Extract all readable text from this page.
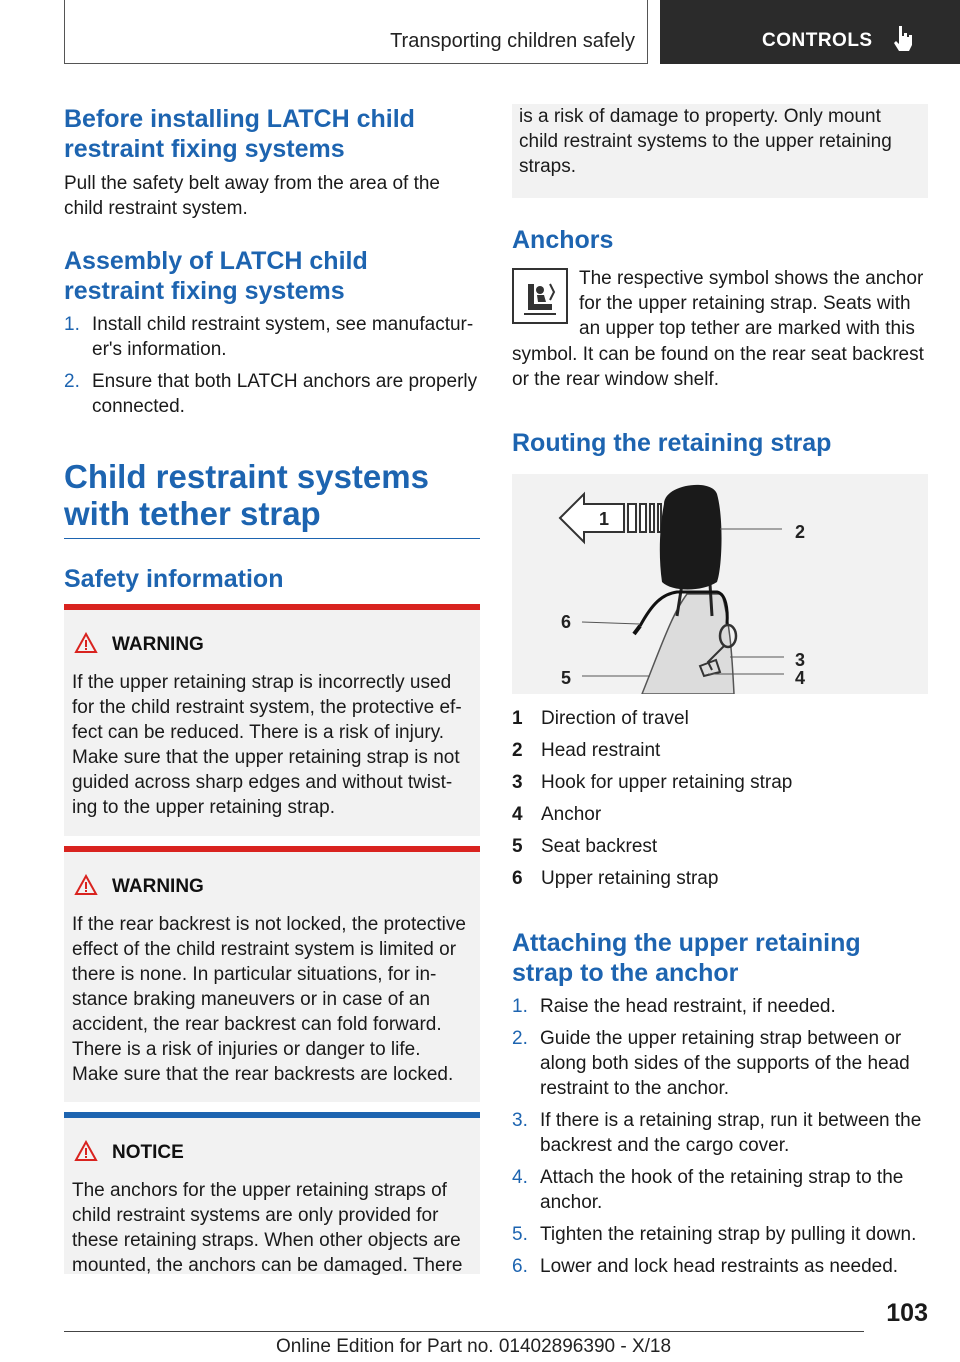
Transporting children safely	CONTROLS
Before installing LATCH child restraint fixing systems

Pull the safety belt away from the area of the child restraint system.

Assembly of LATCH child restraint fixing systems
1. Install child restraint system, see manufacturer's information.
2. Ensure that both LATCH anchors are properly connected.
Child restraint systems with tether strap
Safety information
WARNING
If the upper retaining strap is incorrectly used for the child restraint system, the protective effect can be reduced. There is a risk of injury. Make sure that the upper retaining strap is not guided across sharp edges and without twisting to the upper retaining strap.
WARNING
If the rear backrest is not locked, the protective effect of the child restraint system is limited or there is none. In particular situations, for instance braking maneuvers or in case of an accident, the rear backrest can fold forward. There is a risk of injuries or danger to life. Make sure that the rear backrests are locked.
NOTICE
The anchors for the upper retaining straps of child restraint systems are only provided for these retaining straps. When other objects are mounted, the anchors can be damaged. There
is a risk of damage to property. Only mount child restraint systems to the upper retaining straps.
Anchors

The respective symbol shows the anchor for the upper retaining strap. Seats with an upper top tether are marked with this

symbol. It can be found on the rear seat backrest or the rear window shelf.

Routing the retaining strap
1
2
3
4
5
6
1 Direction of travel
2 Head restraint
3 Hook for upper retaining strap
4 Anchor
5 Seat backrest
6 Upper retaining strap
Attaching the upper retaining strap to the anchor
1. Raise the head restraint, if needed.
2. Guide the upper retaining strap between or along both sides of the supports of the head restraint to the anchor.
3. If there is a retaining strap, run it between the backrest and the cargo cover.
4. Attach the hook of the retaining strap to the anchor.
5. Tighten the retaining strap by pulling it down.
6. Lower and lock head restraints as needed.
103
Online Edition for Part no. 01402896390 - X/18
